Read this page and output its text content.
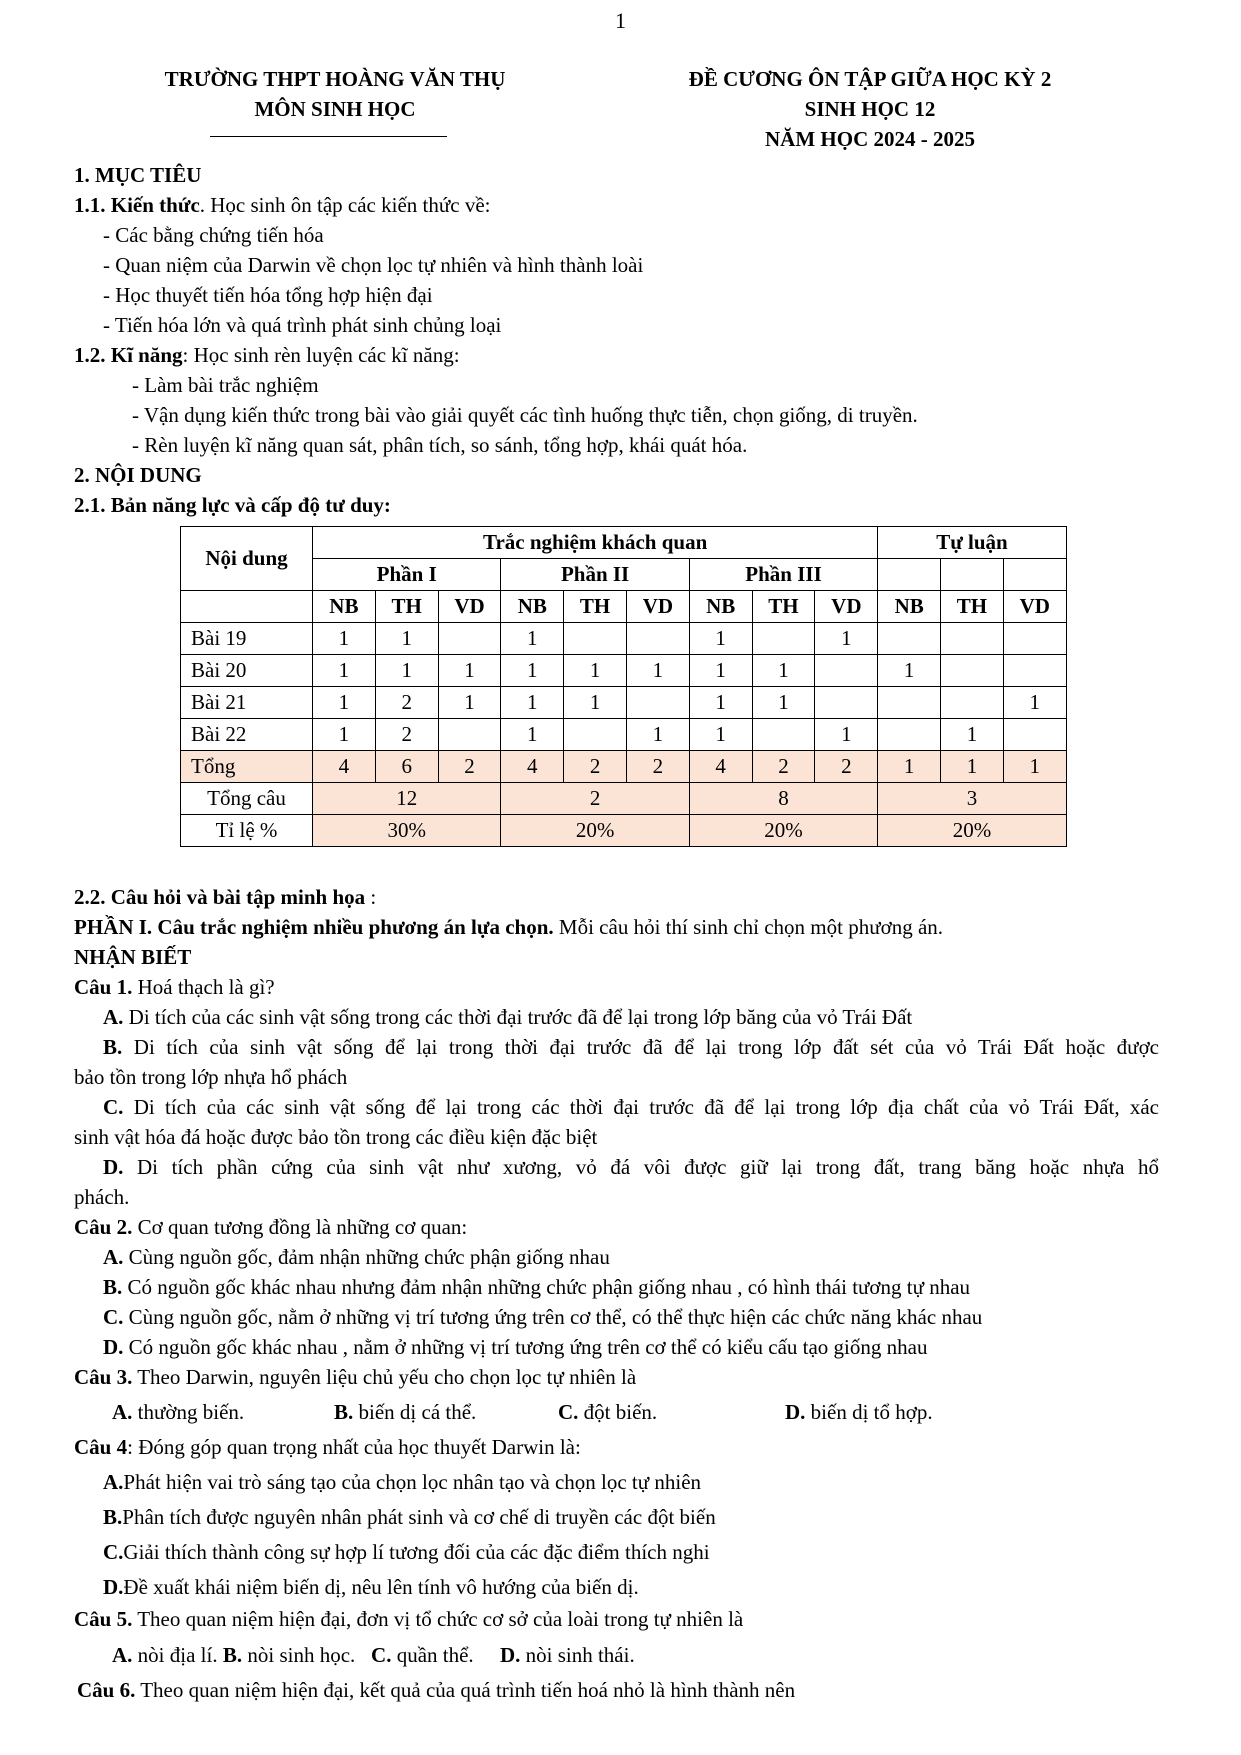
1
TRƯỜNG THPT HOÀNG VĂN THỤ
MÔN SINH HỌC
ĐỀ CƯƠNG ÔN TẬP GIỮA HỌC KỲ 2
SINH HỌC 12
NĂM HỌC 2024 - 2025
1. MỤC TIÊU
1.1. Kiến thức. Học sinh ôn tập các kiến thức về:
- Các bằng chứng tiến hóa
- Quan niệm của Darwin về chọn lọc tự nhiên và hình thành loài
- Học thuyết tiến hóa tổng hợp hiện đại
- Tiến hóa lớn và quá trình phát sinh chủng loại
1.2. Kĩ năng: Học sinh rèn luyện các kĩ năng:
- Làm bài trắc nghiệm
- Vận dụng kiến thức trong bài vào giải quyết các tình huống thực tiễn, chọn giống, di truyền.
- Rèn luyện kĩ năng quan sát, phân tích, so sánh, tổng hợp, khái quát hóa.
2. NỘI DUNG
2.1. Bản năng lực và cấp độ tư duy:
Nội dung	Trắc nghiệm khách quan									Tự luận		
	Phần I			Phần II			Phần III					
	NB	TH	VD	NB	TH	VD	NB	TH	VD	NB	TH	VD
Bài 19	1	1		1			1		1			
Bài 20	1	1	1	1	1	1	1	1		1		
Bài 21	1	2	1	1	1		1	1				1
Bài 22	1	2		1		1	1		1		1	
Tổng	4	6	2	4	2	2	4	2	2	1	1	1
Tổng câu	12			2			8			3		
Tỉ lệ %	30%			20%			20%			20%		
2.2. Câu hỏi và bài tập minh họa :
PHẦN I. Câu trắc nghiệm nhiều phương án lựa chọn. Mỗi câu hỏi thí sinh chỉ chọn một phương án.
NHẬN BIẾT
Câu 1. Hoá thạch là gì?
A. Di tích của các sinh vật sống trong các thời đại trước đã để lại trong lớp băng của vỏ Trái Đất
B. Di tích của sinh vật sống để lại trong thời đại trước đã để lại trong lớp đất sét của vỏ Trái Đất hoặc được
bảo tồn trong lớp nhựa hổ phách
C. Di tích của các sinh vật sống để lại trong các thời đại trước đã để lại trong lớp địa chất của vỏ Trái Đất, xác
sinh vật hóa đá hoặc được bảo tồn trong các điều kiện đặc biệt
D. Di tích phần cứng của sinh vật như xương, vỏ đá vôi được giữ lại trong đất, trang băng hoặc nhựa hổ
phách.
Câu 2. Cơ quan tương đồng là những cơ quan:
A. Cùng nguồn gốc, đảm nhận những chức phận giống nhau
B. Có nguồn gốc khác nhau nhưng đảm nhận những chức phận giống nhau , có hình thái tương tự nhau
C. Cùng nguồn gốc, nằm ở những vị trí tương ứng trên cơ thể, có thể thực hiện các chức năng khác nhau
D. Có nguồn gốc khác nhau , nằm ở những vị trí tương ứng trên cơ thể có kiểu cấu tạo giống nhau
Câu 3. Theo Darwin, nguyên liệu chủ yếu cho chọn lọc tự nhiên là
A. thường biến.	B. biến dị cá thể.	C. đột biến.	D. biến dị tổ hợp.
Câu 4: Đóng góp quan trọng nhất của học thuyết Darwin là:
A.Phát hiện vai trò sáng tạo của chọn lọc nhân tạo và chọn lọc tự nhiên
B.Phân tích được nguyên nhân phát sinh và cơ chế di truyền các đột biến
C.Giải thích thành công sự hợp lí tương đối của các đặc điểm thích nghi
D.Đề xuất khái niệm biến dị, nêu lên tính vô hướng của biến dị.
Câu 5. Theo quan niệm hiện đại, đơn vị tổ chức cơ sở của loài trong tự nhiên là
A. nòi địa lí. B. nòi sinh học. C. quần thể. D. nòi sinh thái.
Câu 6. Theo quan niệm hiện đại, kết quả của quá trình tiến hoá nhỏ là hình thành nên
